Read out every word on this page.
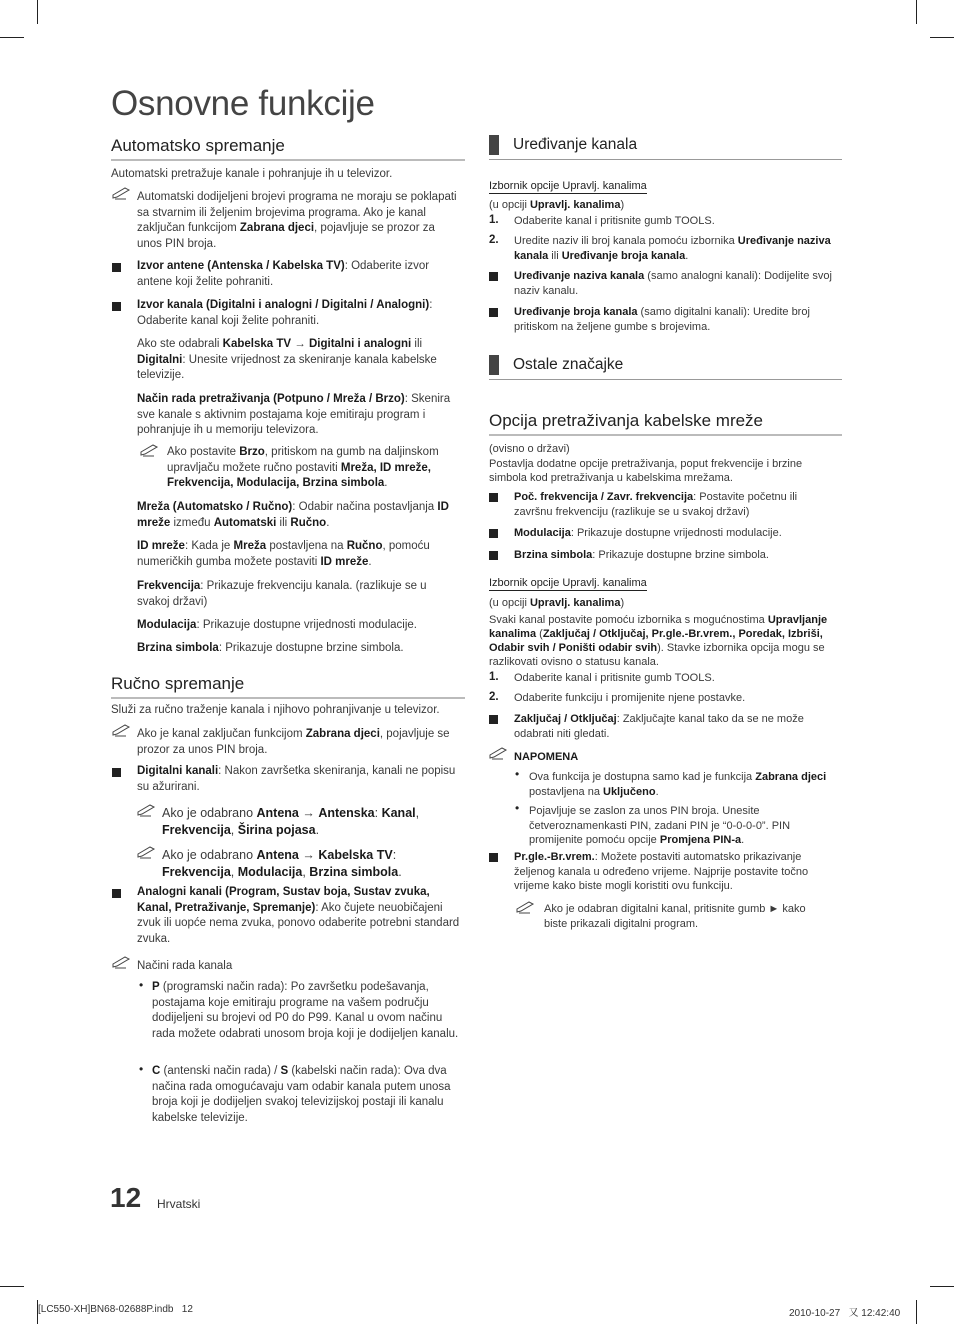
Osnovne funkcije
Automatsko spremanje
Automatski pretražuje kanale i pohranjuje ih u televizor.
Automatski dodijeljeni brojevi programa ne moraju se poklapati sa stvarnim ili željenim brojevima programa. Ako je kanal zaključan funkcijom Zabrana djeci, pojavljuje se prozor za unos PIN broja.
Izvor antene (Antenska / Kabelska TV): Odaberite izvor antene koji želite pohraniti.
Izvor kanala (Digitalni i analogni / Digitalni / Analogni): Odaberite kanal koji želite pohraniti.
Ako ste odabrali Kabelska TV → Digitalni i analogni ili Digitalni: Unesite vrijednost za skeniranje kanala kabelske televizije.
Način rada pretraživanja (Potpuno / Mreža / Brzo): Skenira sve kanale s aktivnim postajama koje emitiraju program i pohranjuje ih u memoriju televizora.
Ako postavite Brzo, pritiskom na gumb na daljinskom upravljaču možete ručno postaviti Mreža, ID mreže, Frekvencija, Modulacija, Brzina simbola.
Mreža (Automatsko / Ručno): Odabir načina postavljanja ID mreže između Automatski ili Ručno.
ID mreže: Kada je Mreža postavljena na Ručno, pomoću numeričkih gumba možete postaviti ID mreže.
Frekvencija: Prikazuje frekvenciju kanala. (razlikuje se u svakoj državi)
Modulacija: Prikazuje dostupne vrijednosti modulacije.
Brzina simbola: Prikazuje dostupne brzine simbola.
Ručno spremanje
Služi za ručno traženje kanala i njihovo pohranjivanje u televizor.
Ako je kanal zaključan funkcijom Zabrana djeci, pojavljuje se prozor za unos PIN broja.
Digitalni kanali: Nakon završetka skeniranja, kanali ne popisu su ažurirani.
Ako je odabrano Antena → Antenska: Kanal, Frekvencija, Širina pojasa.
Ako je odabrano Antena → Kabelska TV: Frekvencija, Modulacija, Brzina simbola.
Analogni kanali (Program, Sustav boja, Sustav zvuka, Kanal, Pretraživanje, Spremanje): Ako čujete neuobičajeni zvuk ili uopće nema zvuka, ponovo odaberite potrebni standard zvuka.
Načini rada kanala
• P (programski način rada): Po završetku podešavanja, postajama koje emitiraju programe na vašem području dodijeljeni su brojevi od P0 do P99. Kanal u ovom načinu rada možete odabrati unosom broja koji je dodijeljen kanalu.
• C (antenski način rada) / S (kabelski način rada): Ova dva načina rada omogućavaju vam odabir kanala putem unosa broja koji je dodijeljen svakoj televizijskoj postaji ili kanalu kabelske televizije.
Uređivanje kanala
Izbornik opcije Upravlj. kanalima
(u opciji Upravlj. kanalima)
1. Odaberite kanal i pritisnite gumb TOOLS.
2. Uredite naziv ili broj kanala pomoću izbornika Uređivanje naziva kanala ili Uređivanje broja kanala.
Uređivanje naziva kanala (samo analogni kanali): Dodijelite svoj naziv kanalu.
Uređivanje broja kanala (samo digitalni kanali): Uredite broj pritiskom na željene gumbe s brojevima.
Ostale značajke
Opcija pretraživanja kabelske mreže
(ovisno o državi)
Postavlja dodatne opcije pretraživanja, poput frekvencije i brzine simbola kod pretraživanja u kabelskima mrežama.
Poč. frekvencija / Zavr. frekvencija: Postavite početnu ili završnu frekvenciju (razlikuje se u svakoj državi)
Modulacija: Prikazuje dostupne vrijednosti modulacije.
Brzina simbola: Prikazuje dostupne brzine simbola.
Izbornik opcije Upravlj. kanalima
(u opciji Upravlj. kanalima)
Svaki kanal postavite pomoću izbornika s mogućnostima Upravljanje kanalima (Zaključaj / Otključaj, Pr.gle.-Br.vrem., Poredak, Izbriši, Odabir svih / Poništi odabir svih). Stavke izbornika opcija mogu se razlikovati ovisno o statusu kanala.
1. Odaberite kanal i pritisnite gumb TOOLS.
2. Odaberite funkciju i promijenite njene postavke.
Zaključaj / Otključaj: Zaključajte kanal tako da se ne može odabrati niti gledati.
NAPOMENA
• Ova funkcija je dostupna samo kad je funkcija Zabrana djeci postavljena na Uključeno.
• Pojavljuje se zaslon za unos PIN broja. Unesite četveroznamenkasti PIN, zadani PIN je “0-0-0-0”. PIN promijenite pomoću opcije Promjena PIN-a.
Pr.gle.-Br.vrem.: Možete postaviti automatsko prikazivanje željenog kanala u određeno vrijeme. Najprije postavite točno vrijeme kako biste mogli koristiti ovu funkciju.
Ako je odabran digitalni kanal, pritisnite gumb ► kako biste prikazali digitalni program.
12 Hrvatski
[LC550-XH]BN68-02688P.indb   12	2010-10-27   又 12:42:40
